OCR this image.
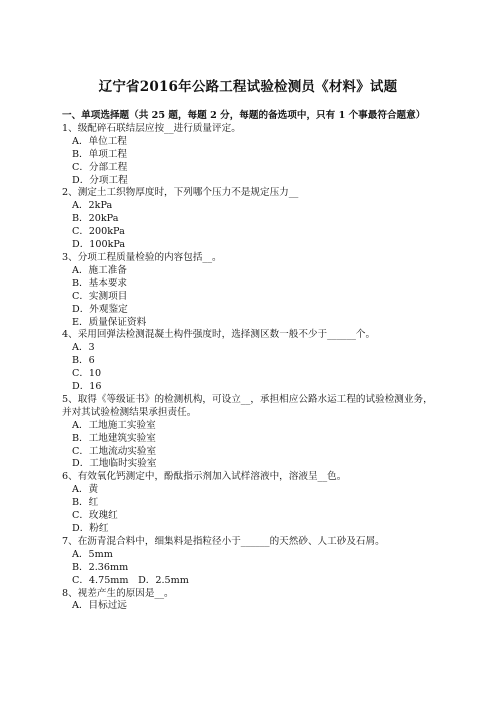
辽宁省2016年公路工程试验检测员《材料》试题
一、单项选择题（共 25 题，每题 2 分，每题的备选项中，只有 1 个事最符合题意）
1、级配碎石联结层应按__进行质量评定。
A．单位工程
B．单项工程
C．分部工程
D．分项工程
2、测定土工织物厚度时，下列哪个压力不是规定压力__
A．2kPa
B．20kPa
C．200kPa
D．100kPa
3、分项工程质量检验的内容包括__。
A．施工准备
B．基本要求
C．实测项目
D．外观鉴定
E．质量保证资料
4、采用回弹法检测混凝土构件强度时，选择测区数一般不少于______个。
A．3
B．6
C．10
D．16
5、取得《等级证书》的检测机构，可设立__，承担相应公路水运工程的试验检测业务，并对其试验检测结果承担责任。
A．工地施工实验室
B．工地建筑实验室
C．工地流动实验室
D．工地临时实验室
6、有效氧化钙测定中，酚酞指示剂加入试样溶液中，溶液呈__色。
A．黄
B．红
C．玫瑰红
D．粉红
7、在沥青混合料中，细集料是指粒径小于______的天然砂、人工砂及石屑。
A．5mm
B．2.36mm
C．4.75mm　D．2.5mm
8、视差产生的原因是__。
A．目标过远
